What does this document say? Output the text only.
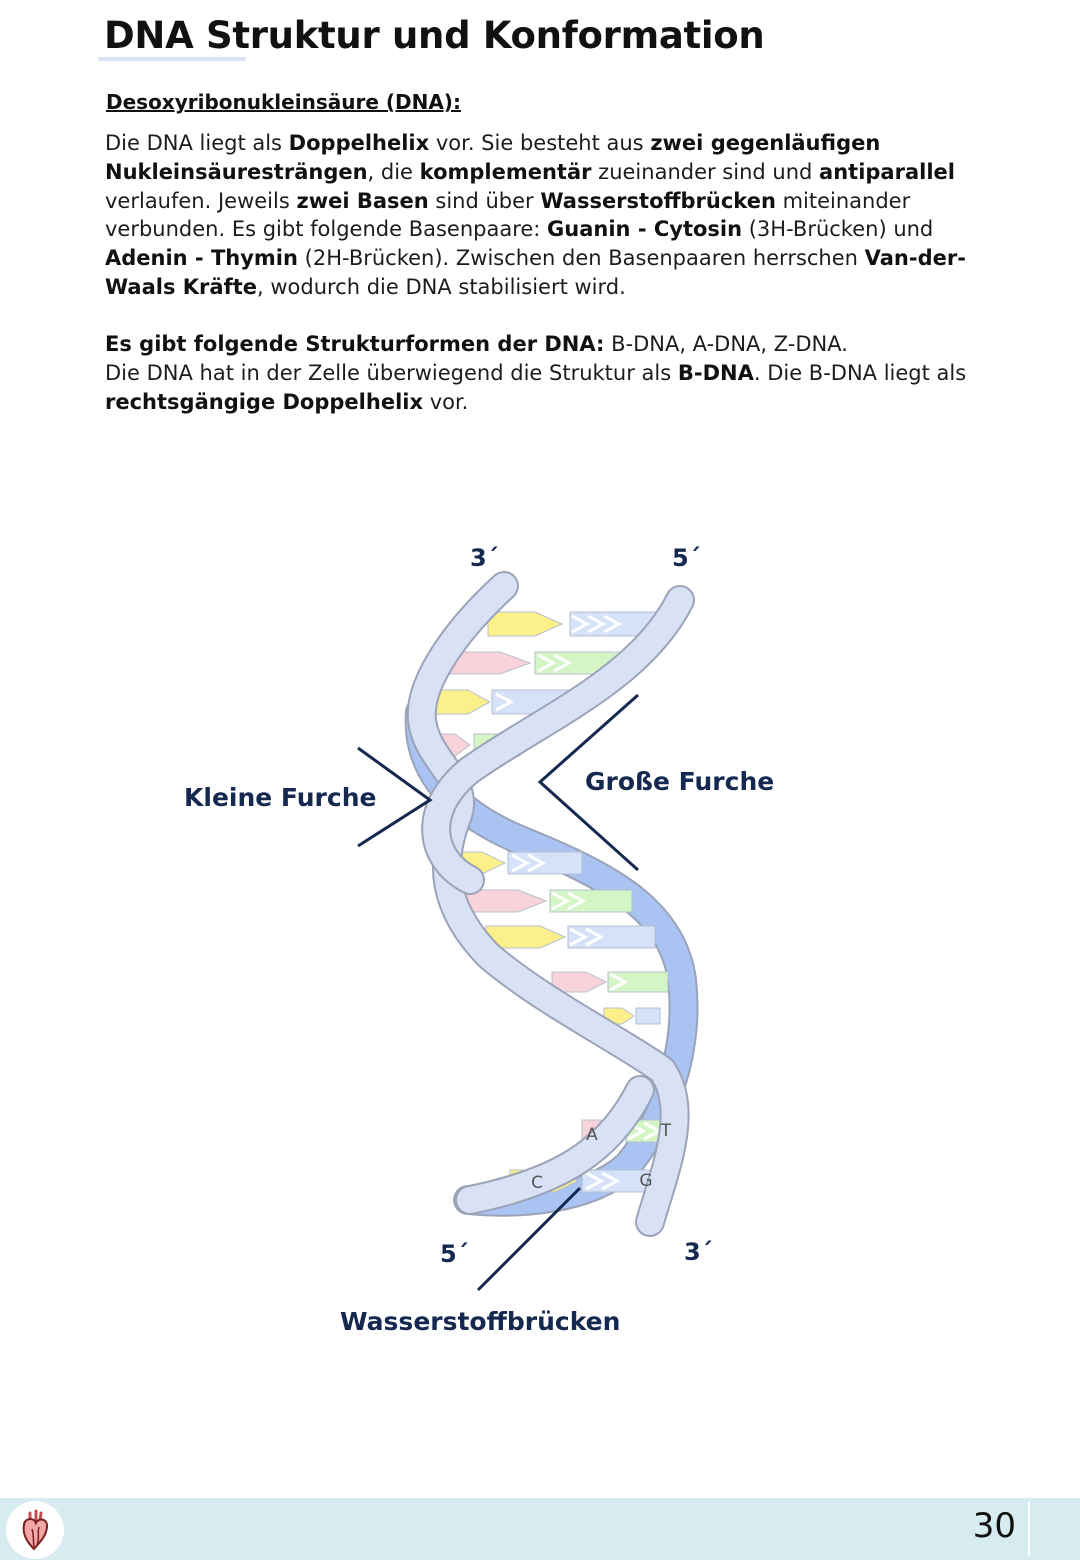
DNA Struktur und Konformation
Desoxyribonukleinsäure (DNA):

Die DNA liegt als Doppelhelix vor. Sie besteht aus zwei gegenläufigen Nukleinsäuresträngen, die komplementär zueinander sind und antiparallel verlaufen. Jeweils zwei Basen sind über Wasserstoffbrücken miteinander verbunden. Es gibt folgende Basenpaare: Guanin - Cytosin (3H-Brücken) und Adenin - Thymin (2H-Brücken). Zwischen den Basenpaaren herrschen Van-der-Waals Kräfte, wodurch die DNA stabilisiert wird.

Es gibt folgende Strukturformen der DNA: B-DNA, A-DNA, Z-DNA.
Die DNA hat in der Zelle überwiegend die Struktur als B-DNA. Die B-DNA liegt als rechtsgängige Doppelhelix vor.

A	T
C	G
3´	5´
5´	3´
Kleine Furche
Große Furche
Wasserstoffbrücken
30
